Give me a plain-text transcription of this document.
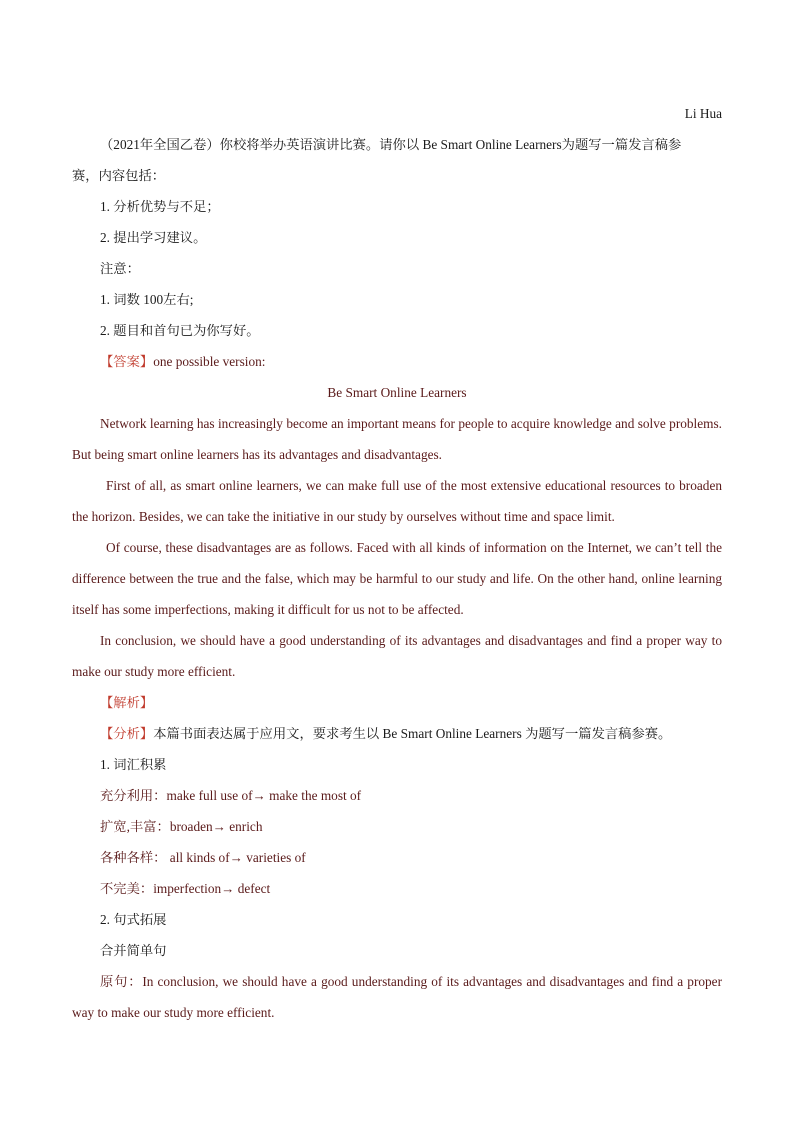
Li Hua

（2021年全国乙卷）你校将举办英语演讲比赛。请你以 Be Smart Online Learners为题写一篇发言稿参

赛，内容包括：

1. 分析优势与不足；

2. 提出学习建议。

注意：

1. 词数 100左右;

2. 题目和首句已为你写好。

【答案】one possible version:

Be Smart Online Learners

Network learning has increasingly become an important means for people to acquire knowledge and solve problems. But being smart online learners has its advantages and disadvantages.

First of all, as smart online learners, we can make full use of the most extensive educational resources to broaden the horizon. Besides, we can take the initiative in our study by ourselves without time and space limit.

Of course, these disadvantages are as follows. Faced with all kinds of information on the Internet, we can’t tell the difference between the true and the false, which may be harmful to our study and life. On the other hand, online learning itself has some imperfections, making it difficult for us not to be affected.

In conclusion, we should have a good understanding of its advantages and disadvantages and find a proper way to make our study more efficient.

【解析】

【分析】本篇书面表达属于应用文，要求考生以 Be Smart Online Learners 为题写一篇发言稿参赛。

1. 词汇积累

充分利用：make full use of→ make the most of

扩宽,丰富：broaden→ enrich

各种各样： all kinds of→ varieties of

不完美：imperfection→ defect

2. 句式拓展

合并简单句

原句：In conclusion, we should have a good understanding of its advantages and disadvantages and find a proper way to make our study more efficient.
